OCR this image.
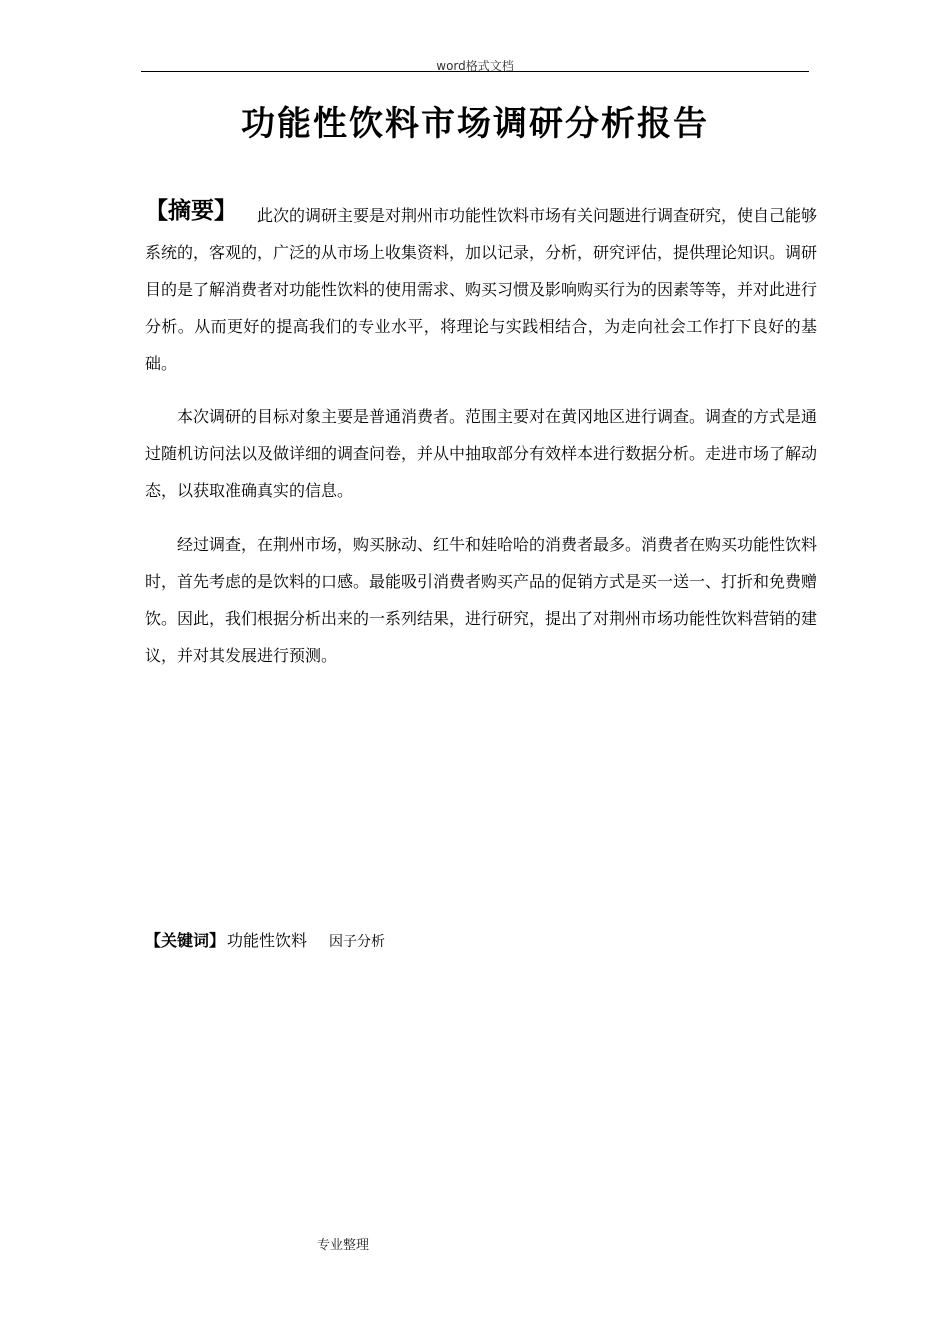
word格式文档
功能性饮料市场调研分析报告
【摘要】 此次的调研主要是对荆州市功能性饮料市场有关问题进行调查研究，使自己能够系统的，客观的，广泛的从市场上收集资料，加以记录，分析，研究评估，提供理论知识。调研目的是了解消费者对功能性饮料的使用需求、购买习惯及影响购买行为的因素等等，并对此进行分析。从而更好的提高我们的专业水平，将理论与实践相结合，为走向社会工作打下良好的基础。
本次调研的目标对象主要是普通消费者。范围主要对在黄冈地区进行调查。调查的方式是通过随机访问法以及做详细的调查问卷，并从中抽取部分有效样本进行数据分析。走进市场了解动态，以获取准确真实的信息。
经过调查，在荆州市场，购买脉动、红牛和娃哈哈的消费者最多。消费者在购买功能性饮料时，首先考虑的是饮料的口感。最能吸引消费者购买产品的促销方式是买一送一、打折和免费赠饮。因此，我们根据分析出来的一系列结果，进行研究，提出了对荆州市场功能性饮料营销的建议，并对其发展进行预测。
【关键词】 功能性饮料 因子分析
专业整理
